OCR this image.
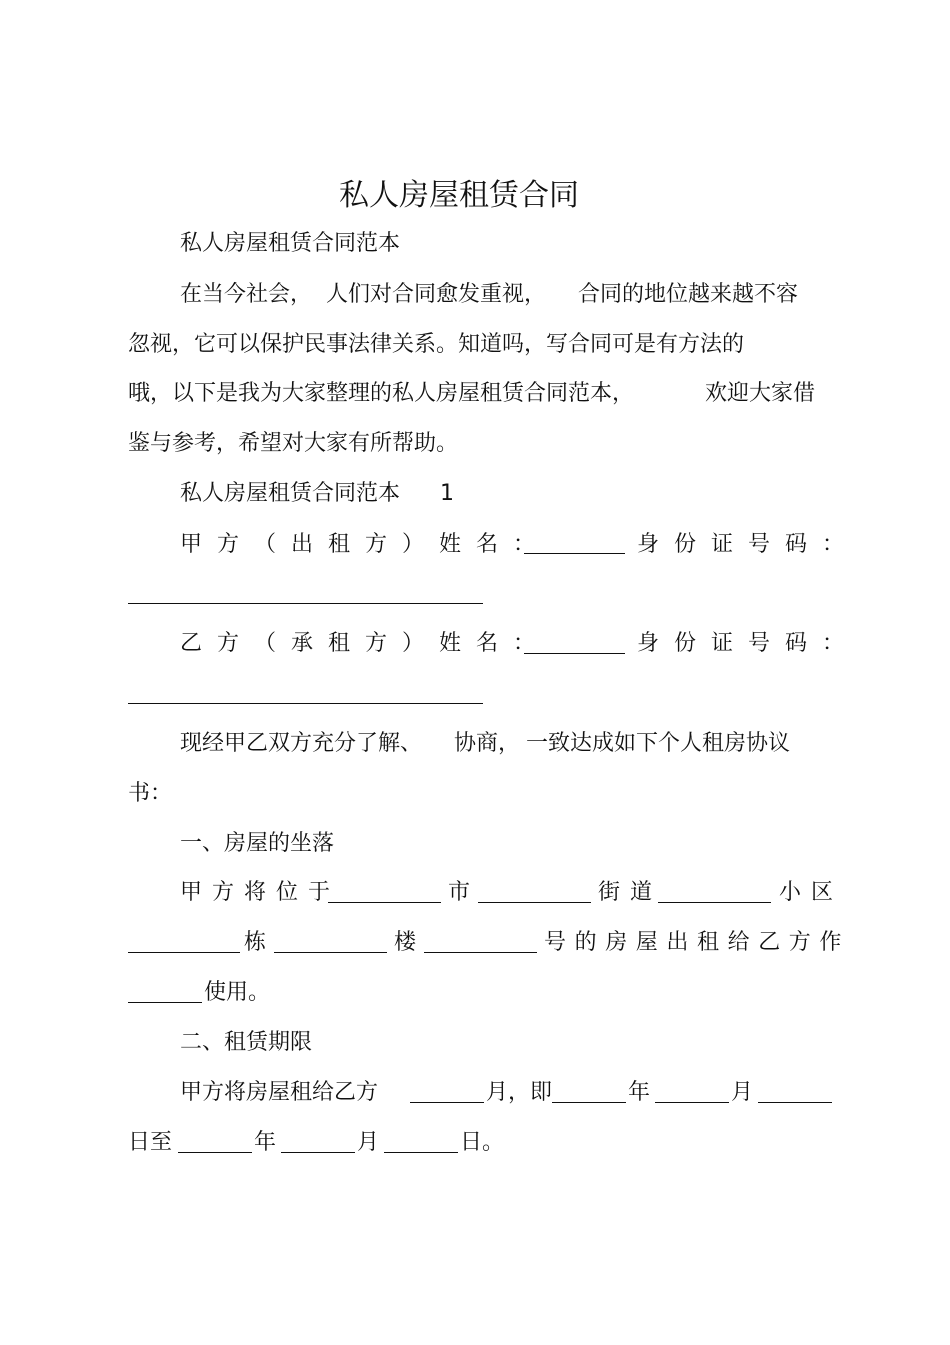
私人房屋租赁合同
私人房屋租赁合同范本
在当今社会， 人们对合同愈发重视， 合同的地位越来越不容
忽视，它可以保护民事法律关系。知道吗，写合同可是有方法的
哦，以下是我为大家整理的私人房屋租赁合同范本，	欢迎大家借
鉴与参考，希望对大家有所帮助。
私人房屋租赁合同范本 1
甲方（出租方）姓名：	身份证号码：
乙方（承租方）姓名：	身份证号码：
现经甲乙双方充分了解、 协商， 一致达成如下个人租房协议
书：
一、房屋的坐落
甲方将位于	市	街道	小区
栋	楼	号的房屋出租给乙方作
使用。
二、租赁期限
甲方将房屋租给乙方	月，即	年	月
日至	年	月	日。
